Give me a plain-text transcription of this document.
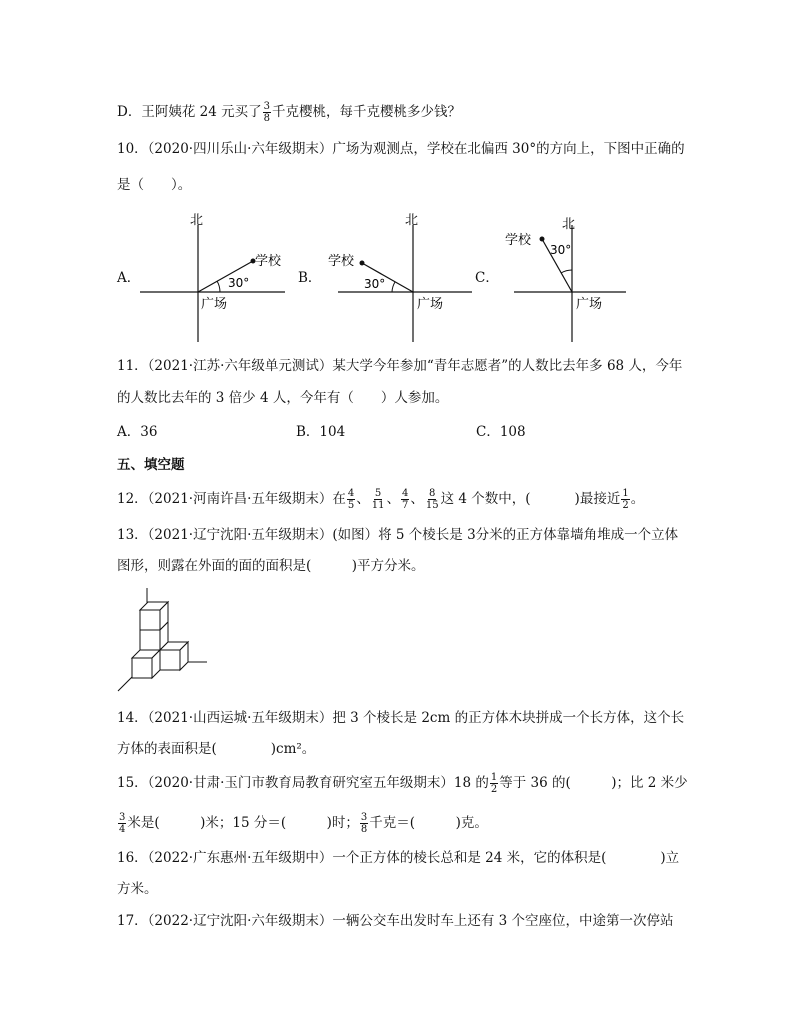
D．王阿姨花 24 元买了 $\frac{3}{8}$ 千克樱桃，每千克樱桃多少钱？
10．（2020·四川乐山·六年级期末）广场为观测点，学校在北偏西 30°的方向上，下图中正确的
是（　　）。
A．
北
学校
30°
广场
B．
北
学校
30°
广场
C．
北
学校
30°
广场
11．（2021·江苏·六年级单元测试）某大学今年参加“青年志愿者”的人数比去年多 68 人，今年
的人数比去年的 3 倍少 4 人，今年有（　　）人参加。
A．36	B．104	C．108
五、填空题
12．（2021·河南许昌·五年级期末）在 $\frac{4}{5}$ 、 $\frac{5}{11}$ 、 $\frac{4}{7}$ 、 $\frac{8}{15}$ 这 4 个数中，(	)最接近 $\frac{1}{2}$ 。
13．（2021·辽宁沈阳·五年级期末）(如图）将 5 个棱长是 3分米的正方体靠墙角堆成一个立体
图形，则露在外面的面的面积是(　　　)平方分米。
14．（2021·山西运城·五年级期末）把 3 个棱长是 2cm 的正方体木块拼成一个长方体，这个长
方体的表面积是(　　　　)cm²。
15．（2020·甘肃·玉门市教育局教育研究室五年级期末）18 的 $\frac{1}{2}$ 等于 36 的(　　　)；比 2 米少
$\frac{3}{4}$ 米是(　　　)米；15 分＝(　　　)时； $\frac{3}{8}$ 千克＝(　　　)克。
16．（2022·广东惠州·五年级期中）一个正方体的棱长总和是 24 米，它的体积是(　　　　)立
方米。
17．（2022·辽宁沈阳·六年级期末）一辆公交车出发时车上还有 3 个空座位，中途第一次停站
